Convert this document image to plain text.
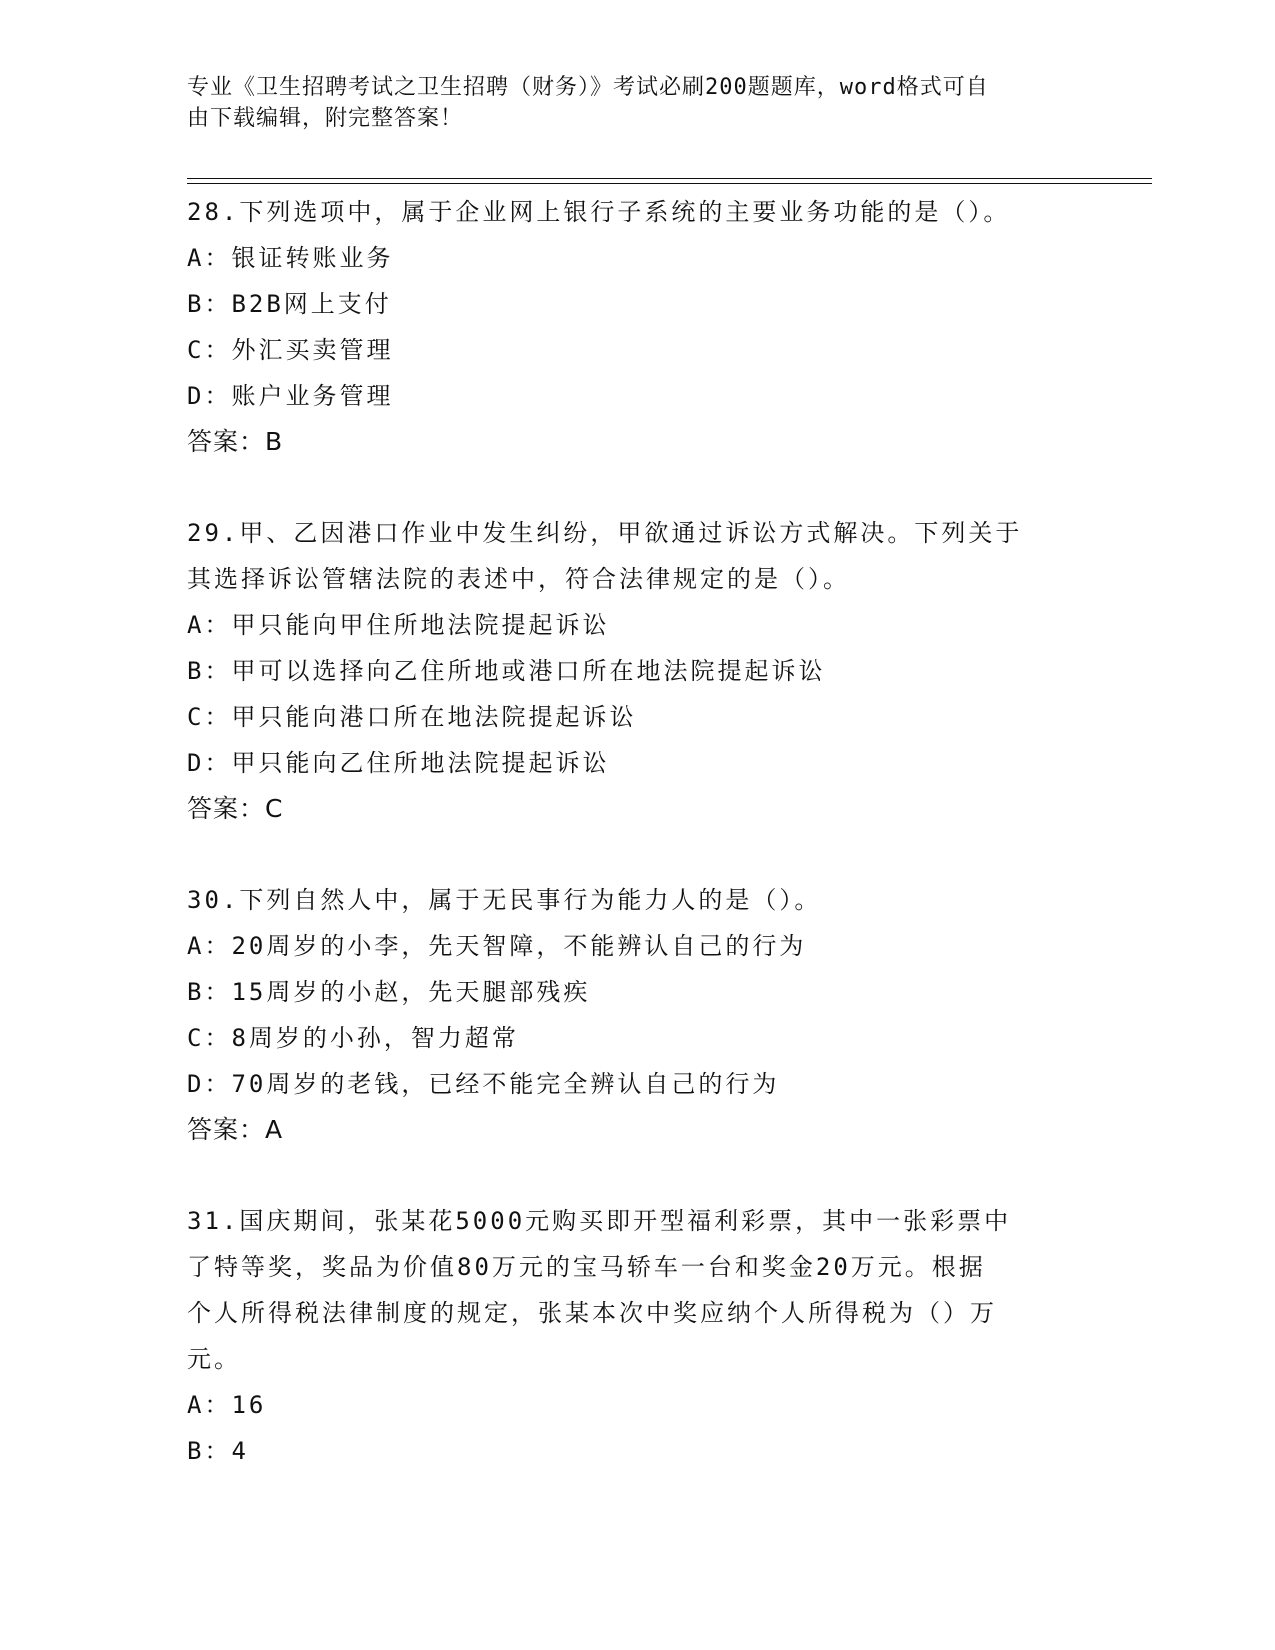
专业《卫生招聘考试之卫生招聘（财务）》考试必刷200题题库，word格式可自
由下载编辑，附完整答案！
28.下列选项中，属于企业网上银行子系统的主要业务功能的是（）。
A：银证转账业务
B：B2B网上支付
C：外汇买卖管理
D：账户业务管理
答案：B
29.甲、乙因港口作业中发生纠纷，甲欲通过诉讼方式解决。下列关于
其选择诉讼管辖法院的表述中，符合法律规定的是（）。
A：甲只能向甲住所地法院提起诉讼
B：甲可以选择向乙住所地或港口所在地法院提起诉讼
C：甲只能向港口所在地法院提起诉讼
D：甲只能向乙住所地法院提起诉讼
答案：C
30.下列自然人中，属于无民事行为能力人的是（）。
A：20周岁的小李，先天智障，不能辨认自己的行为
B：15周岁的小赵，先天腿部残疾
C：8周岁的小孙，智力超常
D：70周岁的老钱，已经不能完全辨认自己的行为
答案：A
31.国庆期间，张某花5000元购买即开型福利彩票，其中一张彩票中
了特等奖，奖品为价值80万元的宝马轿车一台和奖金20万元。根据
个人所得税法律制度的规定，张某本次中奖应纳个人所得税为（）万
元。
A：16
B：4
